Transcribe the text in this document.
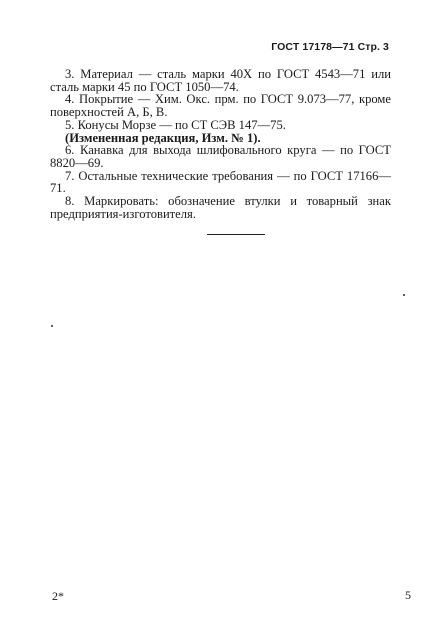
ГОСТ 17178—71 Стр. 3

3. Материал — сталь марки 40Х по ГОСТ 4543—71 или сталь марки 45 по ГОСТ 1050—74.

4. Покрытие — Хим. Окс. прм. по ГОСТ 9.073—77, кроме поверхностей А, Б, В.

5. Конусы Морзе — по СТ СЭВ 147—75.

(Измененная редакция, Изм. № 1).

6. Канавка для выхода шлифовального круга — по ГОСТ 8820—69.

7. Остальные технические требования — по ГОСТ 17166—71.

8. Маркировать: обозначение втулки и товарный знак предприятия-изготовителя.

2*	5
